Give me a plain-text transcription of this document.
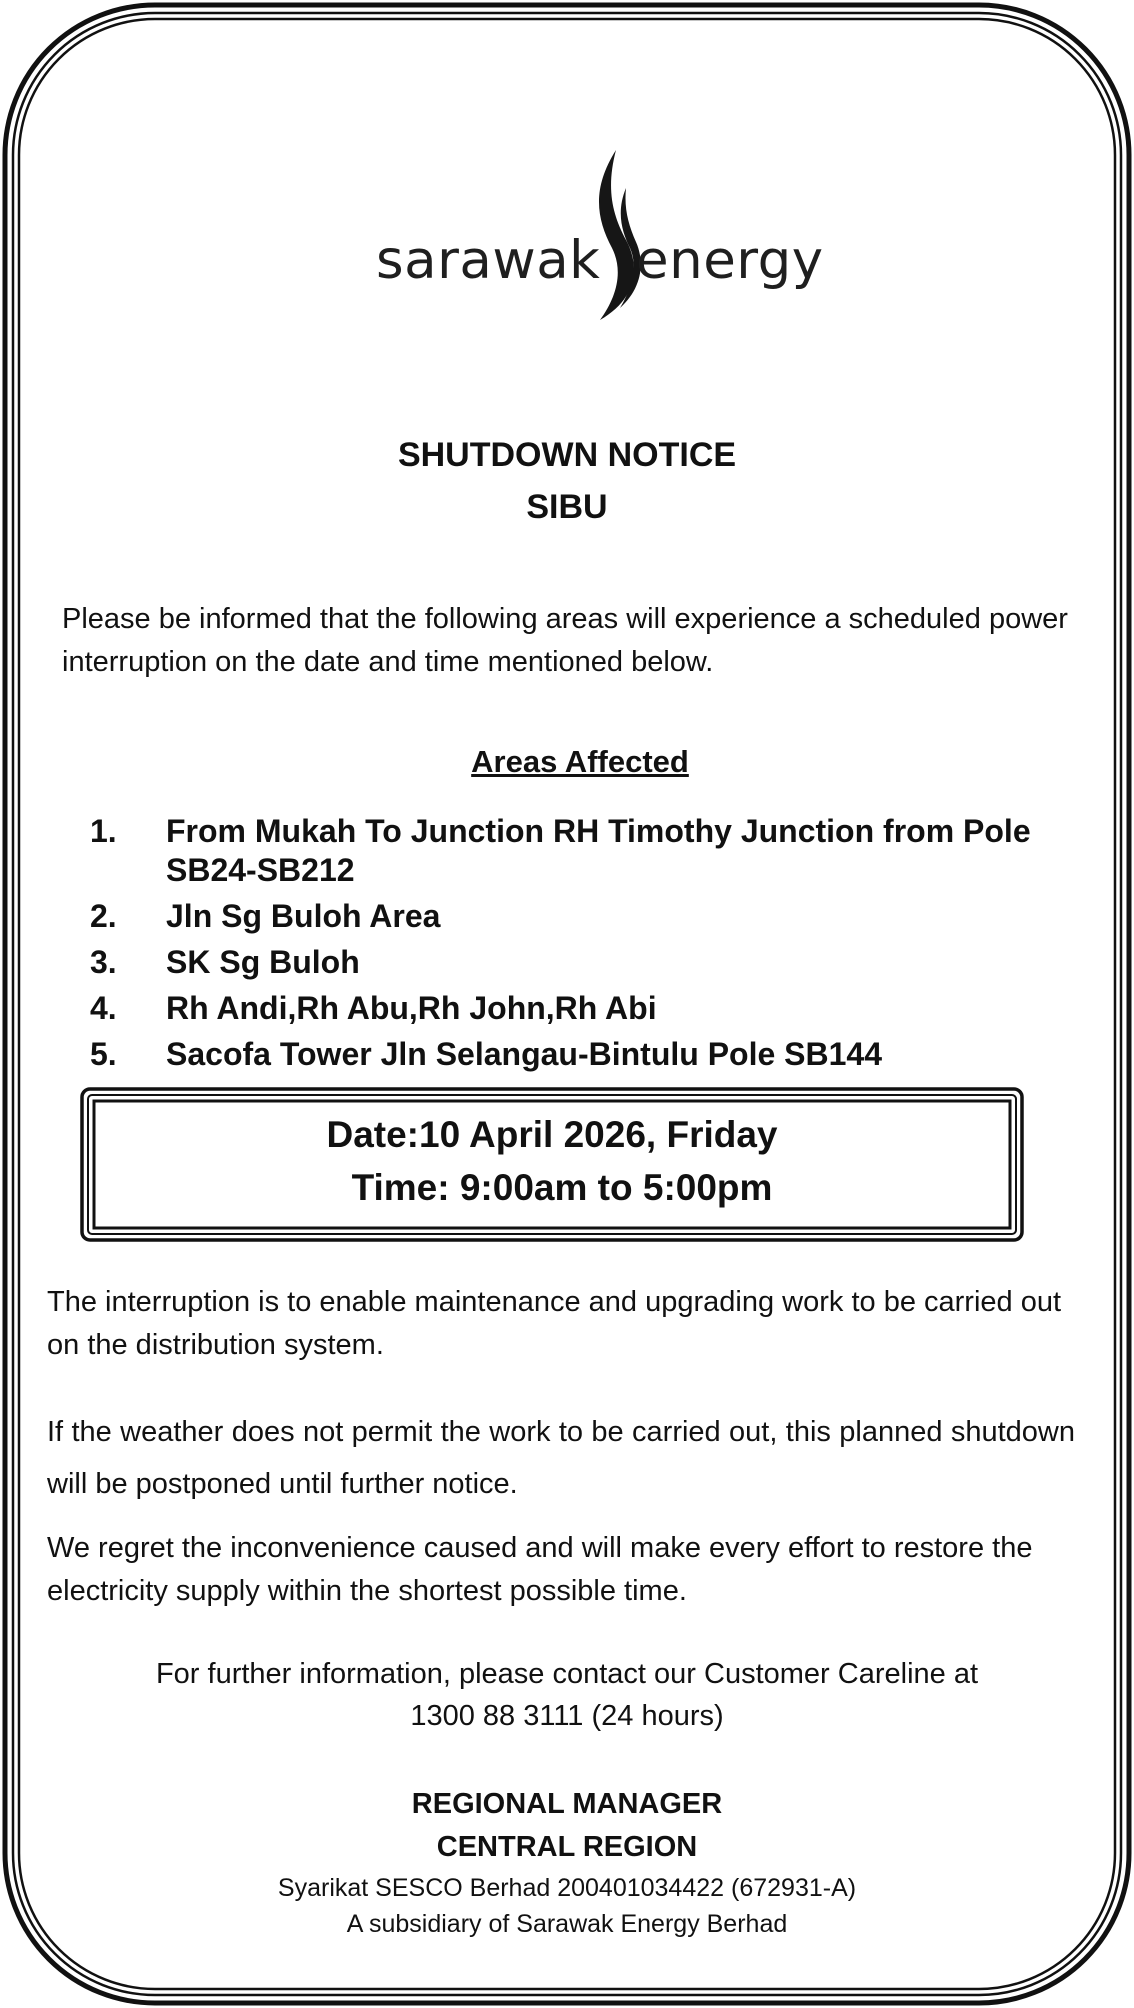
sarawak energy
SHUTDOWN NOTICE
SIBU
Please be informed that the following areas will experience a scheduled power interruption on the date and time mentioned below.
Areas Affected
1. From Mukah To Junction RH Timothy Junction from Pole SB24-SB212
2. Jln Sg Buloh Area
3. SK Sg Buloh
4. Rh Andi,Rh Abu,Rh John,Rh Abi
5. Sacofa Tower Jln Selangau-Bintulu Pole SB144
Date:10 April 2026, Friday
Time: 9:00am to 5:00pm
The interruption is to enable maintenance and upgrading work to be carried out on the distribution system.
If the weather does not permit the work to be carried out, this planned shutdown will be postponed until further notice.
We regret the inconvenience caused and will make every effort to restore the electricity supply within the shortest possible time.
For further information, please contact our Customer Careline at
1300 88 3111 (24 hours)
REGIONAL MANAGER
CENTRAL REGION
Syarikat SESCO Berhad 200401034422 (672931-A)
A subsidiary of Sarawak Energy Berhad
